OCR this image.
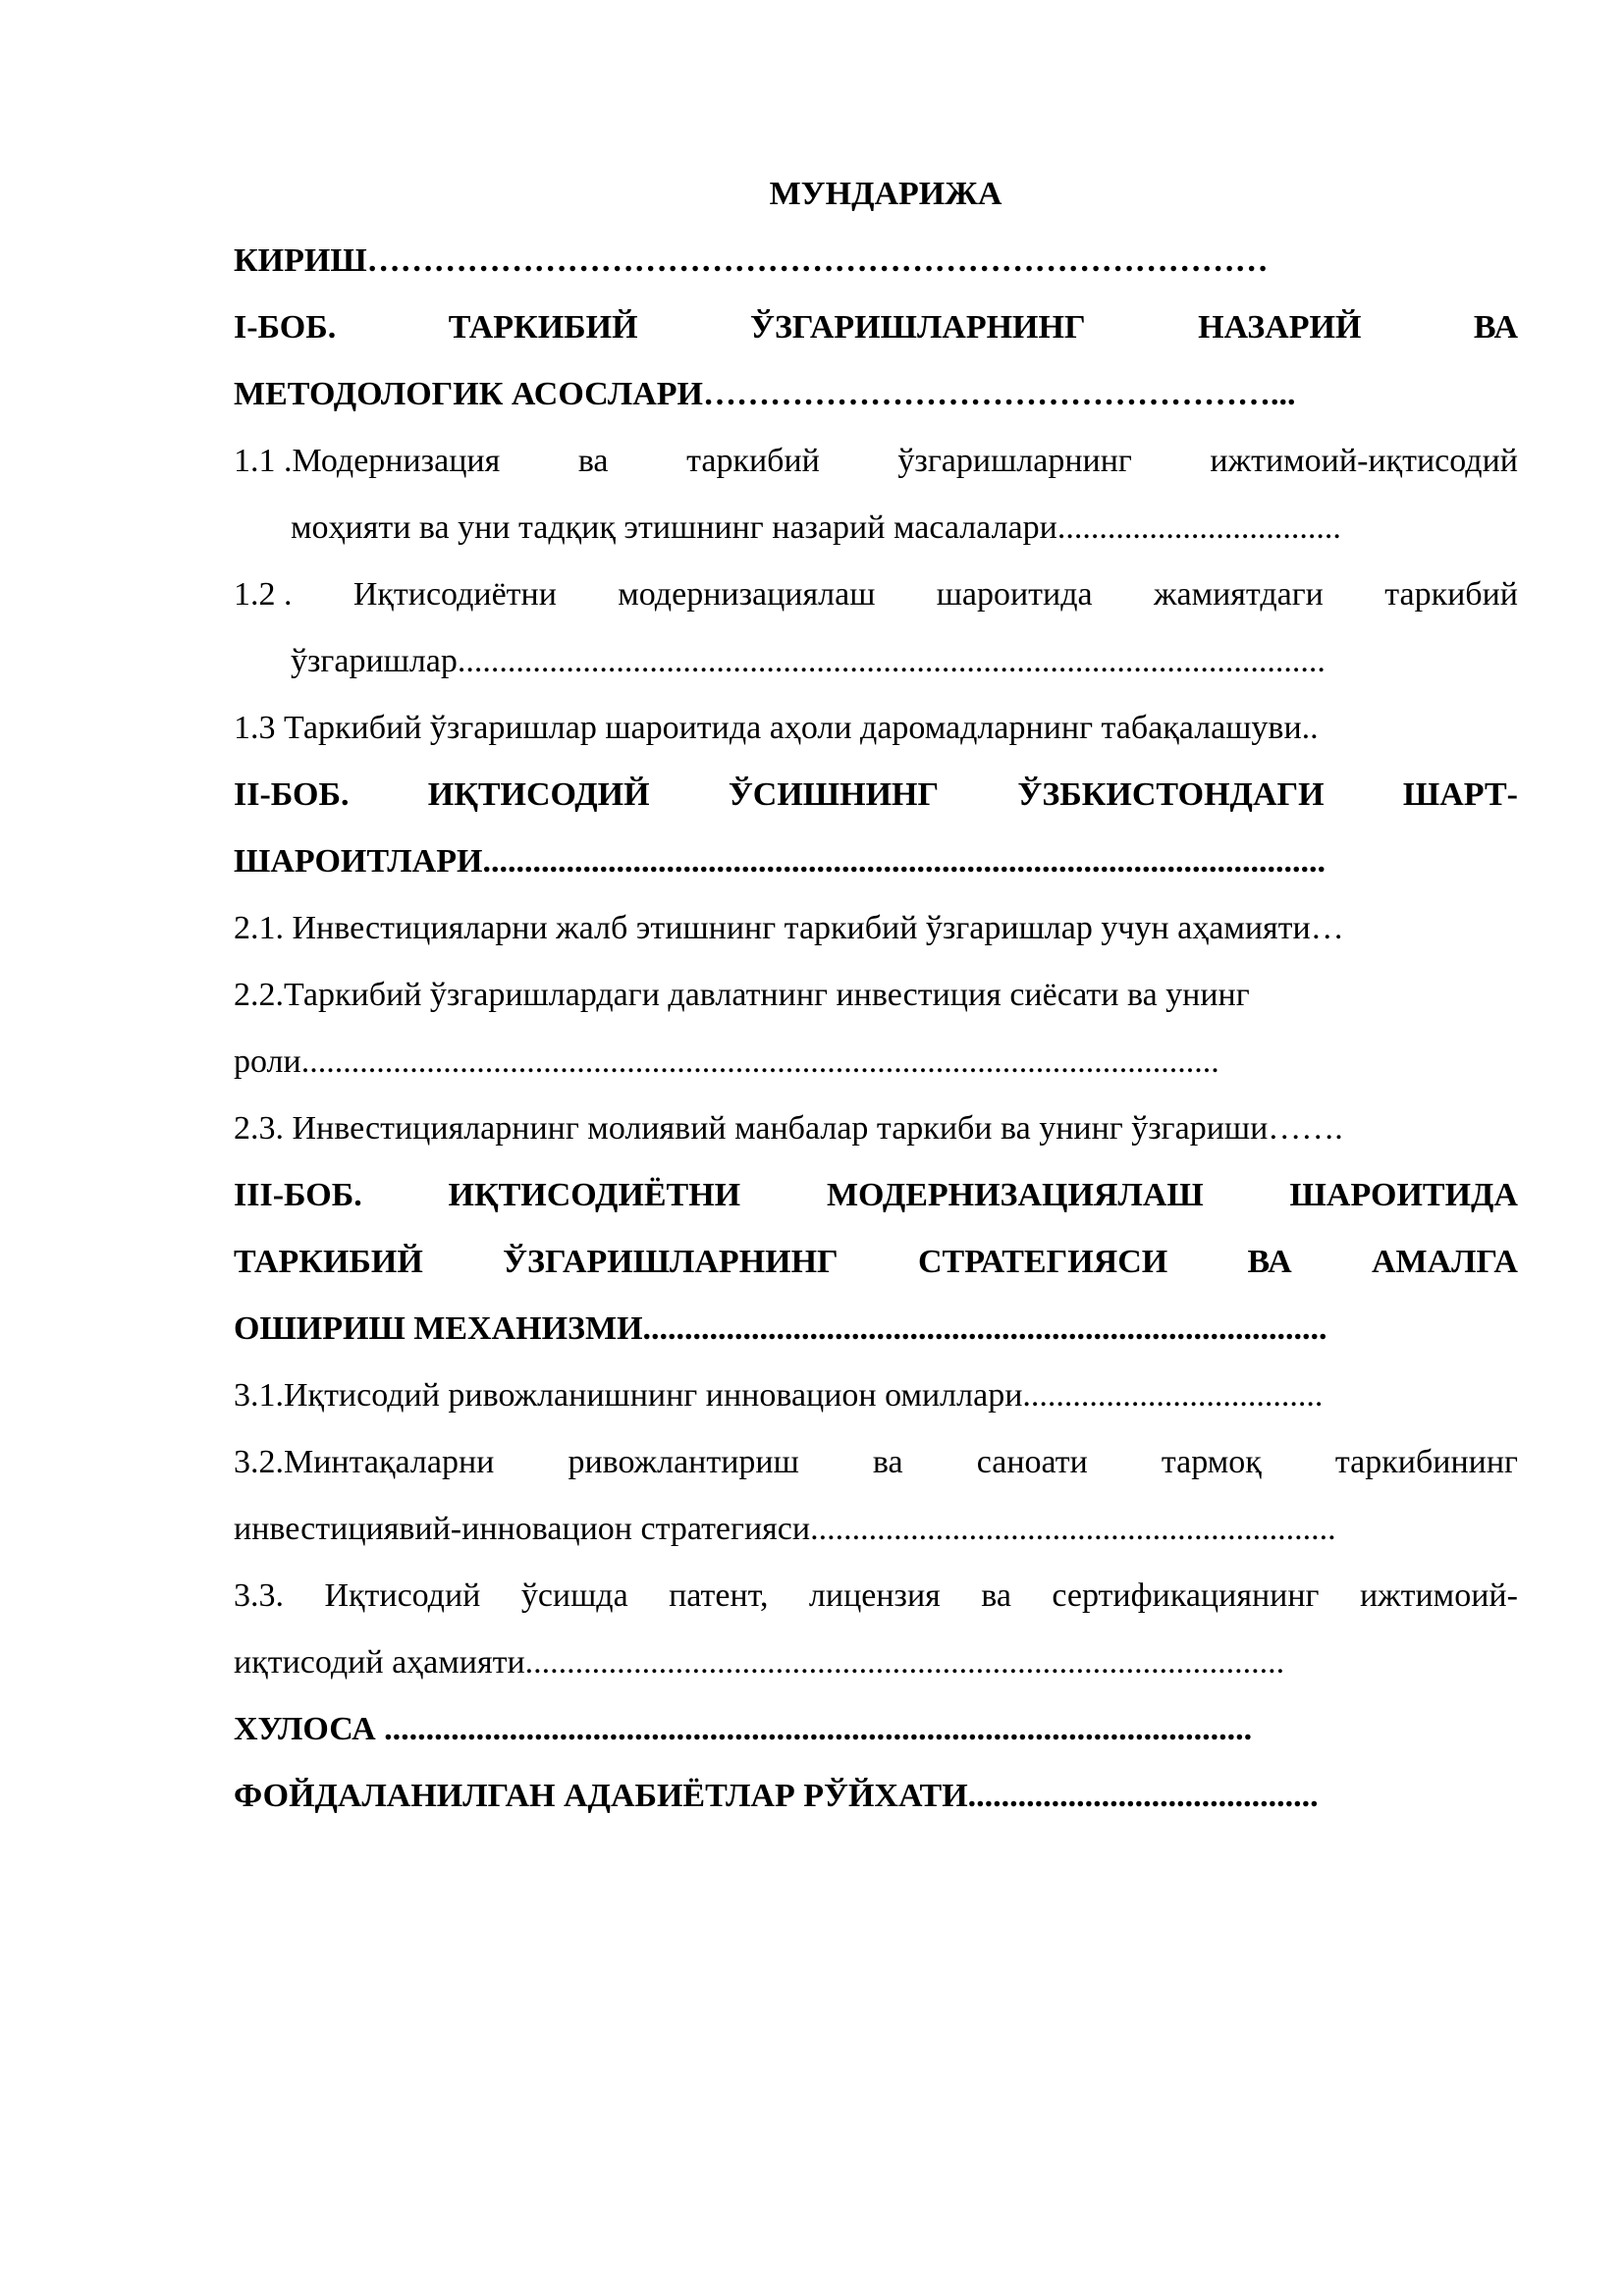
МУНДАРИЖА
КИРИШ………………………………………………………………………
I-БОБ.	ТАРКИБИЙ	ЎЗГАРИШЛАРНИНГ	НАЗАРИЙ	ВА
МЕТОДОЛОГИК АСОСЛАРИ……………………………………………...
1.1 .Модернизация ва таркибий ўзгаришларнинг ижтимоий-иқтисодий
моҳияти ва уни тадқиқ этишнинг назарий масалалари..................................
1.2 . Иқтисодиётни модернизациялаш шароитида жамиятдаги таркибий
ўзгаришлар........................................................................................................
1.3 Таркибий ўзгаришлар шароитида аҳоли даромадларнинг табақалашуви..
II-БОБ. ИҚТИСОДИЙ ЎСИШНИНГ ЎЗБКИСТОНДАГИ ШАРТ-
ШАРОИТЛАРИ.....................................................................................................
2.1. Инвестицияларни жалб этишнинг таркибий ўзгаришлар учун аҳамияти…
2.2.Таркибий ўзгаришлардаги давлатнинг инвестиция сиёсати ва унинг
роли..............................................................................................................
2.3. Инвестицияларнинг молиявий манбалар таркиби ва унинг ўзгариши…….
III-БОБ.	ИҚТИСОДИЁТНИ	МОДЕРНИЗАЦИЯЛАШ	ШАРОИТИДА
ТАРКИБИЙ ЎЗГАРИШЛАРНИНГ СТРАТЕГИЯСИ ВА АМАЛГА
ОШИРИШ МЕХАНИЗМИ..................................................................................
3.1.Иқтисодий ривожланишнинг инновацион омиллари....................................
3.2.Минтақаларни ривожлантириш ва саноати тармоқ таркибининг
инвестициявий-инновацион стратегияси...............................................................
3.3. Иқтисодий ўсишда патент, лицензия ва сертификациянинг ижтимоий-
иқтисодий аҳамияти...........................................................................................
ХУЛОСА ........................................................................................................
ФОЙДАЛАНИЛГАН АДАБИЁТЛАР РЎЙХАТИ..........................................
